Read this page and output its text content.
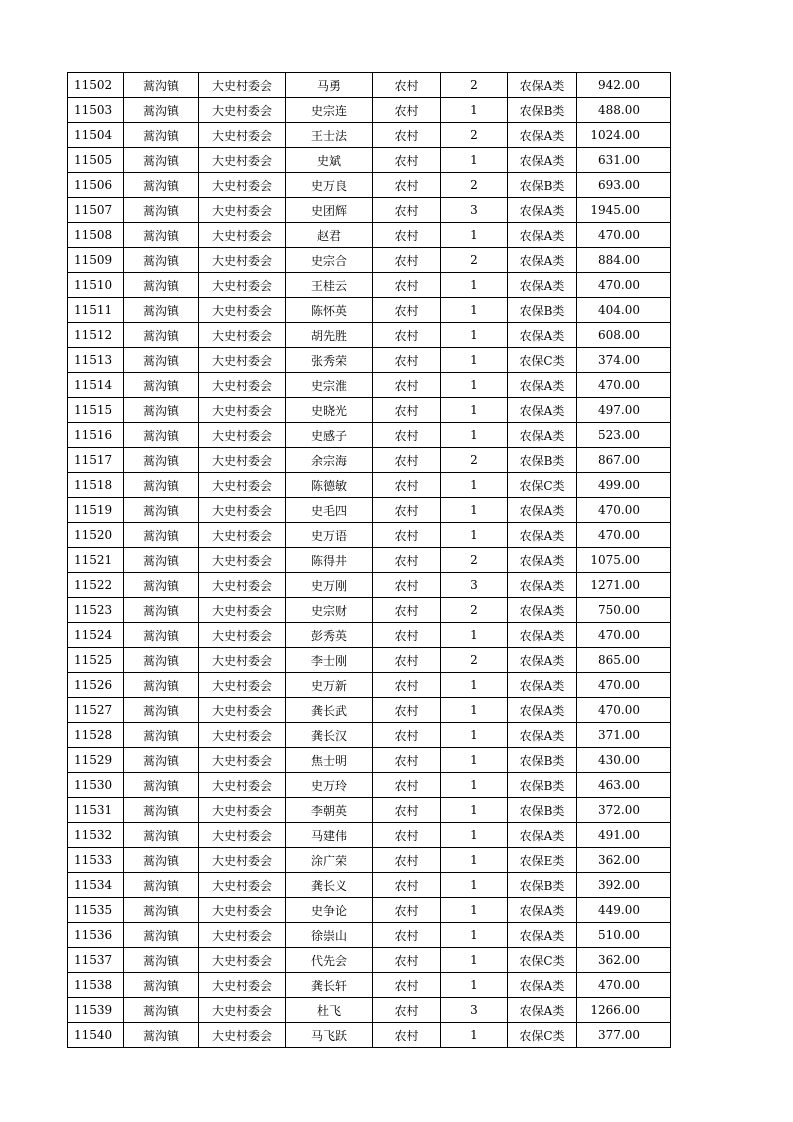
11502	蒿沟镇	大史村委会	马勇	农村	2	农保A类	942.00
11503	蒿沟镇	大史村委会	史宗连	农村	1	农保B类	488.00
11504	蒿沟镇	大史村委会	王士法	农村	2	农保A类	1024.00
11505	蒿沟镇	大史村委会	史斌	农村	1	农保A类	631.00
11506	蒿沟镇	大史村委会	史万良	农村	2	农保B类	693.00
11507	蒿沟镇	大史村委会	史团辉	农村	3	农保A类	1945.00
11508	蒿沟镇	大史村委会	赵君	农村	1	农保A类	470.00
11509	蒿沟镇	大史村委会	史宗合	农村	2	农保A类	884.00
11510	蒿沟镇	大史村委会	王桂云	农村	1	农保A类	470.00
11511	蒿沟镇	大史村委会	陈怀英	农村	1	农保B类	404.00
11512	蒿沟镇	大史村委会	胡先胜	农村	1	农保A类	608.00
11513	蒿沟镇	大史村委会	张秀荣	农村	1	农保C类	374.00
11514	蒿沟镇	大史村委会	史宗淮	农村	1	农保A类	470.00
11515	蒿沟镇	大史村委会	史晓光	农村	1	农保A类	497.00
11516	蒿沟镇	大史村委会	史感子	农村	1	农保A类	523.00
11517	蒿沟镇	大史村委会	余宗海	农村	2	农保B类	867.00
11518	蒿沟镇	大史村委会	陈德敏	农村	1	农保C类	499.00
11519	蒿沟镇	大史村委会	史毛四	农村	1	农保A类	470.00
11520	蒿沟镇	大史村委会	史万语	农村	1	农保A类	470.00
11521	蒿沟镇	大史村委会	陈得井	农村	2	农保A类	1075.00
11522	蒿沟镇	大史村委会	史万刚	农村	3	农保A类	1271.00
11523	蒿沟镇	大史村委会	史宗财	农村	2	农保A类	750.00
11524	蒿沟镇	大史村委会	彭秀英	农村	1	农保A类	470.00
11525	蒿沟镇	大史村委会	李士刚	农村	2	农保A类	865.00
11526	蒿沟镇	大史村委会	史万新	农村	1	农保A类	470.00
11527	蒿沟镇	大史村委会	龚长武	农村	1	农保A类	470.00
11528	蒿沟镇	大史村委会	龚长汉	农村	1	农保A类	371.00
11529	蒿沟镇	大史村委会	焦士明	农村	1	农保B类	430.00
11530	蒿沟镇	大史村委会	史万玲	农村	1	农保B类	463.00
11531	蒿沟镇	大史村委会	李朝英	农村	1	农保B类	372.00
11532	蒿沟镇	大史村委会	马建伟	农村	1	农保A类	491.00
11533	蒿沟镇	大史村委会	涂广荣	农村	1	农保E类	362.00
11534	蒿沟镇	大史村委会	龚长义	农村	1	农保B类	392.00
11535	蒿沟镇	大史村委会	史争论	农村	1	农保A类	449.00
11536	蒿沟镇	大史村委会	徐崇山	农村	1	农保A类	510.00
11537	蒿沟镇	大史村委会	代先会	农村	1	农保C类	362.00
11538	蒿沟镇	大史村委会	龚长轩	农村	1	农保A类	470.00
11539	蒿沟镇	大史村委会	杜飞	农村	3	农保A类	1266.00
11540	蒿沟镇	大史村委会	马飞跃	农村	1	农保C类	377.00
